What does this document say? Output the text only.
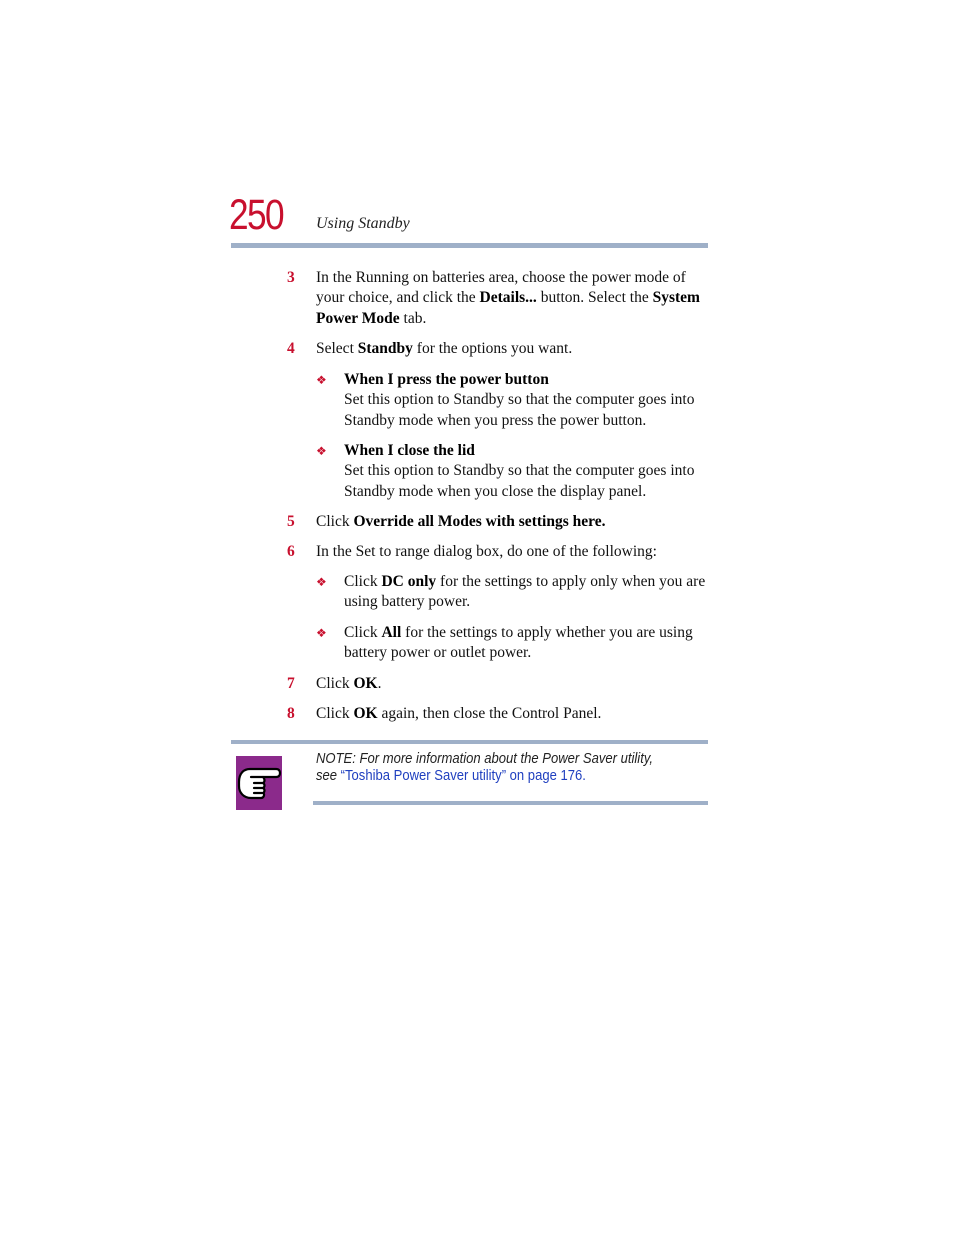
250 Using Standby
3 In the Running on batteries area, choose the power mode of your choice, and click the Details... button. Select the System Power Mode tab.
4 Select Standby for the options you want.
❖ When I press the power button
Set this option to Standby so that the computer goes into Standby mode when you press the power button.
❖ When I close the lid
Set this option to Standby so that the computer goes into Standby mode when you close the display panel.
5 Click Override all Modes with settings here.
6 In the Set to range dialog box, do one of the following:
❖ Click DC only for the settings to apply only when you are using battery power.
❖ Click All for the settings to apply whether you are using battery power or outlet power.
7 Click OK.
8 Click OK again, then close the Control Panel.
NOTE: For more information about the Power Saver utility,
see “Toshiba Power Saver utility” on page 176.
